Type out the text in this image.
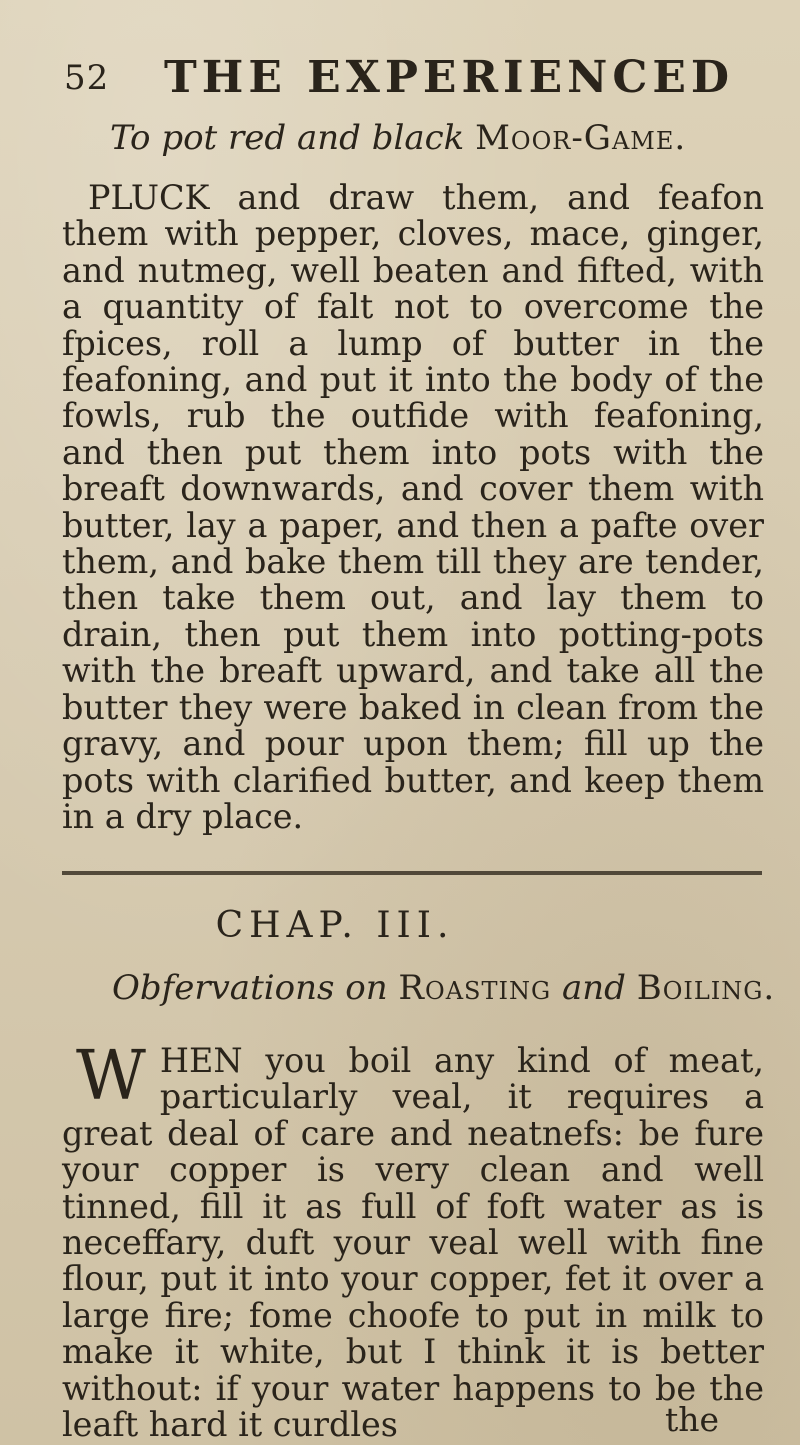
52 THE EXPERIENCED
To pot red and black Moor-Game.

PLUCK and draw them, and feafon them with pepper, cloves, mace, ginger, and nutmeg, well beaten and fifted, with a quantity of falt not to overcome the fpices, roll a lump of butter in the feafoning, and put it into the body of the fowls, rub the outfide with feafoning, and then put them into pots with the breaft downwards, and cover them with butter, lay a paper, and then a pafte over them, and bake them till they are tender, then take them out, and lay them to drain, then put them into potting-pots with the breaft upward, and take all the butter they were baked in clean from the gravy, and pour upon them; fill up the pots with clarified butter, and keep them in a dry place.

CHAP. III.
Obfervations on Roasting and Boiling.
WHEN you boil any kind of meat, particularly veal, it requires a great deal of care and neatnefs: be fure your copper is very clean and well tinned, fill it as full of foft water as is neceffary, duft your veal well with fine flour, put it into your copper, fet it over a large fire; fome choofe to put in milk to make it white, but I think it is better without: if your water happens to be the leaft hard it curdles	the
